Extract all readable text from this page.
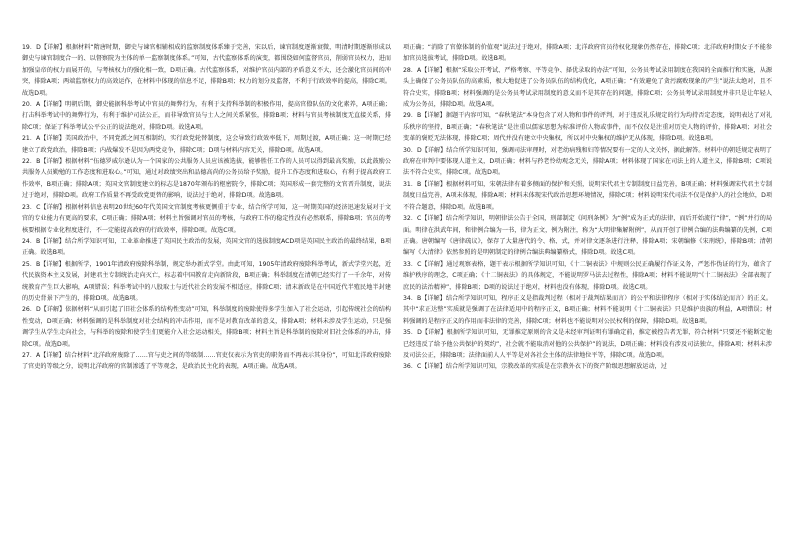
19．D【详解】根据材料“隋唐时期，御史与谏官相辅相成的监察制度体系臻于完善，宋以后，谏官制度逐渐衰微，明清时期逐渐形成以御史与谏官制度合一的、以督察院为主体的单一监察制度体系。”可知，古代监察体系的演变，都围绕如何监督官员，削弱官员权力，进而加强皇帝的权力而展开的，与考核权力的强化相一致，D项正确。古代监察体系，对维护官员内部的矛盾意义不大，还会激化官员间的冲突，排除A项；两端监察权力的高效运作，在材料中体现的信息不足，排除B项；权力的划分及监督，不利于行政效率的提高，排除C项。故选D项。

20．A【详解】明朝后期，御史能据科举考试中官员的舞弊行为，有利于支持科举制的积极作用，提高官僚队伍的文化素养，A项正确；打击科举考试中的舞弊行为，有利于维护司法公正，而非导致官员与士人之间关系紧张，排除B项；材料与官员考核制度无直接关系，排除C项；保证了科举考试公平公正的说法绝对，排除D项。故选A项。

21．A【详解】美国政治中，不同党派之间互相制约，实行政党轮替制度，这会导致行政效率低下，周期过渡，A项正确；这一时期已经建立了政党政治，排除B项；内战爆发不是因为两党竞争，排除C项；D项与材料内容无关，排除D项。故选A项。

22．B【详解】根据材料“伍德罗威尔逊认为一个国家的公共服务人员应该被选拔，能够胜任工作的人员可以得到最高奖励，以此鼓励公共服务人员勤勉的工作态度和进取心。”可知，通过对政绩突出和品德高尚的公务员给予奖励，提升工作态度和进取心，有利于提高政府工作效率，B项正确；排除A项；英国文官制度建立的标志是1870年颁布的枢密院令，排除C项；英国形成一套完整的文官晋升制度，说法过于绝对，排除D项。政府工作质量不再受政党更替的影响，说法过于绝对，排除D项。故选B项。

23．C【详解】根据材料信息表明20世纪60年代美国文官制度考核更侧重于专业，结合所学可知，这一时期美国的经济迅速发展对于文官的专业能力有更高的要求，C项正确；排除A项；材料主旨强调对官员的考核，与政府工作的稳定性没有必然联系，排除B项；官员的考核要根据专业化程度进行，不一定能提高政府的行政效率，排除D项。故选C项。

24．B【详解】结合所学知识可知，工业革命推进了英国民主政治的发展，英国文官的选拔制度ACD项是英国民主政治的最终结果，B项正确。故选B项。

25．B【详解】根据所学，1901年清政府废除科举制，规定举办新式学堂。由此可知，1905年清政府废除科举考试，新式学堂兴起，近代民族资本主义发展，封建君主专制统治走向灭亡，标志着中国教育走向新阶段，B项正确；科举制度在清朝已经实行了一千余年，对传统教育产生巨大影响，A项错误；科举考试中的八股取士与近代社会的发展不相适应，排除C项；清末新政是在中国近代半殖民地半封建的历史背景下产生的，排除D项。故选B项。

26．D【详解】依据材料“从而引起了旧社会体系的结构性变动”可知，科举制度的废除使得多学生加入了社会运动，引起传统社会的结构性变动，D项正确；材料强调的是科举制度对社会结构的冲击作用，而不是对教育改革的意义，排除A项；材料未涉及学生运动，只是强调学生从学生走向社会，与科举的废除和使学生们更能介入社会运动相关，排除B项；材料主旨是科举制的废除对旧社会体系的冲击，排除C项。故选D项。

27．A【详解】结合材料“北洋政府废除了……官与吏之间的等级制……官吏仅表示为官吏的职务而不再表示其身份”，可知北洋政府废除了官吏的等级之分，说明北洋政府的官制渗透了平等观念，是政治民主化的表现，A项正确。故选A项。

项正确；“消除了官僚体制的价值观”说法过于绝对，排除A项；北洋政府官员待权化现象仍然存在，排除C项；北洋政府时期女子不能参加官员选拔考试，排除D项。故选B项。

28．A【详解】根据“采取公开考试、严格考察、平等竞争、择优录取的办法”可知，公务员考试录用制度在我国的全面推行和实施，从源头上确保了公务员队伍的高素质，极大地促进了公务员队伍的结构优化，A项正确；“有效避免了贪污腐败现象的产生”说法太绝对，且不符合史实，排除B项；材料强调的是公务员考试录用制度的意义而不是其存在的问题，排除C项；公务员考试录用制度并非只是让年轻人成为公务员，排除D项。故选A项。

29．B【详解】据题干内容可知，“春秋笔法”本身包含了对人物和事件的评判，对于违反礼乐规定的行为均持否定态度，说明表达了对礼乐秩序的坚持，B项正确；“春秋笔法”是注重以儒家思想为标准评价人物或事件，而不仅仅是注重对历史人物的评价，排除A项；对社会变革的褒贬无法体现，排除C项；周代并没有建立中央集权，所以对中央集权的维护无从体现，排除D项。故选B项。

30．D【详解】结合所学知识可知，强调司法审理时，对老幼病残和妇等情况要有一定的人文关怀，据此解答。材料中的朝廷规定表明了政府在审判中要体现人道主义，D项正确；材料与矜老怜幼观念无关，排除A项；材料体现了国家在司法上的人道主义，排除B项；C项说法不符合史实，排除C项。故选D项。

31．B【详解】根据材料可知，宋朝法律有着多侧面的保护和关照，说明宋代君主专制制度日益完善，B项正确；材料强调宋代君主专制制度日益完善，A项未体现，排除A项；材料未体现宋代政治思想环境情况，排除C项；材料说明宋代司法不仅是保护人的社会地位，D项不符合题意，排除D项。故选B项。

32．C【详解】结合所学知识，明朝律法公告于全国，刑部制定《问刑条例》为“例”成为正式的法律，而后开始流行“律”，“例”并行的局面。明律在洪武年间，和律例合编为一书，律为正文，例为附注，称为“大明律集解附例”，从而开创了律例合编的法典编纂的先例，C项正确。唐朝编写《唐律疏议》，保存了大量唐代的令、格、式，并对律文逐条进行注释，排除A项；宋朝编修《宋刑统》，排除B项；清朝编写《大清律》依然参照的是明朝制定的律例合编法典编纂格式，排除D项。故选C项。

33．C【详解】通过观察表格，题干表示根据所学知识可知，《十二铜表法》中规则公民正确履行作证义务，严惩作伪证的行为，蕴含了维护秩序的理念，C项正确；《十二铜表法》的具体规定，不能说明罗马法去过程性，排除A项；材料不能说明“《十二铜表法》全部表现了庶民的法治精神”，排除B项；D项的说法过于绝对，材料也没有体现，排除D项。故选C项。

34．B【详解】结合所学知识可知，程序正义是指裁判过程（相对于裁判结果而言）的公平和法律程序（相对于实体结论而言）的正义。其中“求正达整”实质就是强调了在法律适用中的程序正义，B项正确；材料不能说明《十二铜表法》只是维护贵族的利益，A项错误；材料强调的是程序正义的作用而非法律的完善，排除C项；材料也不能说明对公民权利的保障，排除D项。故选B项。

35．D【详解】根据所学知识可知，无罪推定原则的含义是未经审判证明有罪确定前，推定被控告者无罪，符合材料“只要还不能断定他已经违反了给予他公共保护的契约”，社会就不能取消对他的公共保护”的说法，D项正确；材料没有涉及司法独立，排除A项；材料未涉及司法公正，排除B项；法律面前人人平等是对各社会主体的法律地位平等，排除C项。故选D项。

36．C【详解】结合所学知识可知，宗教改革的实质是在宗教外衣下的资产阶级思想解放运动，过
